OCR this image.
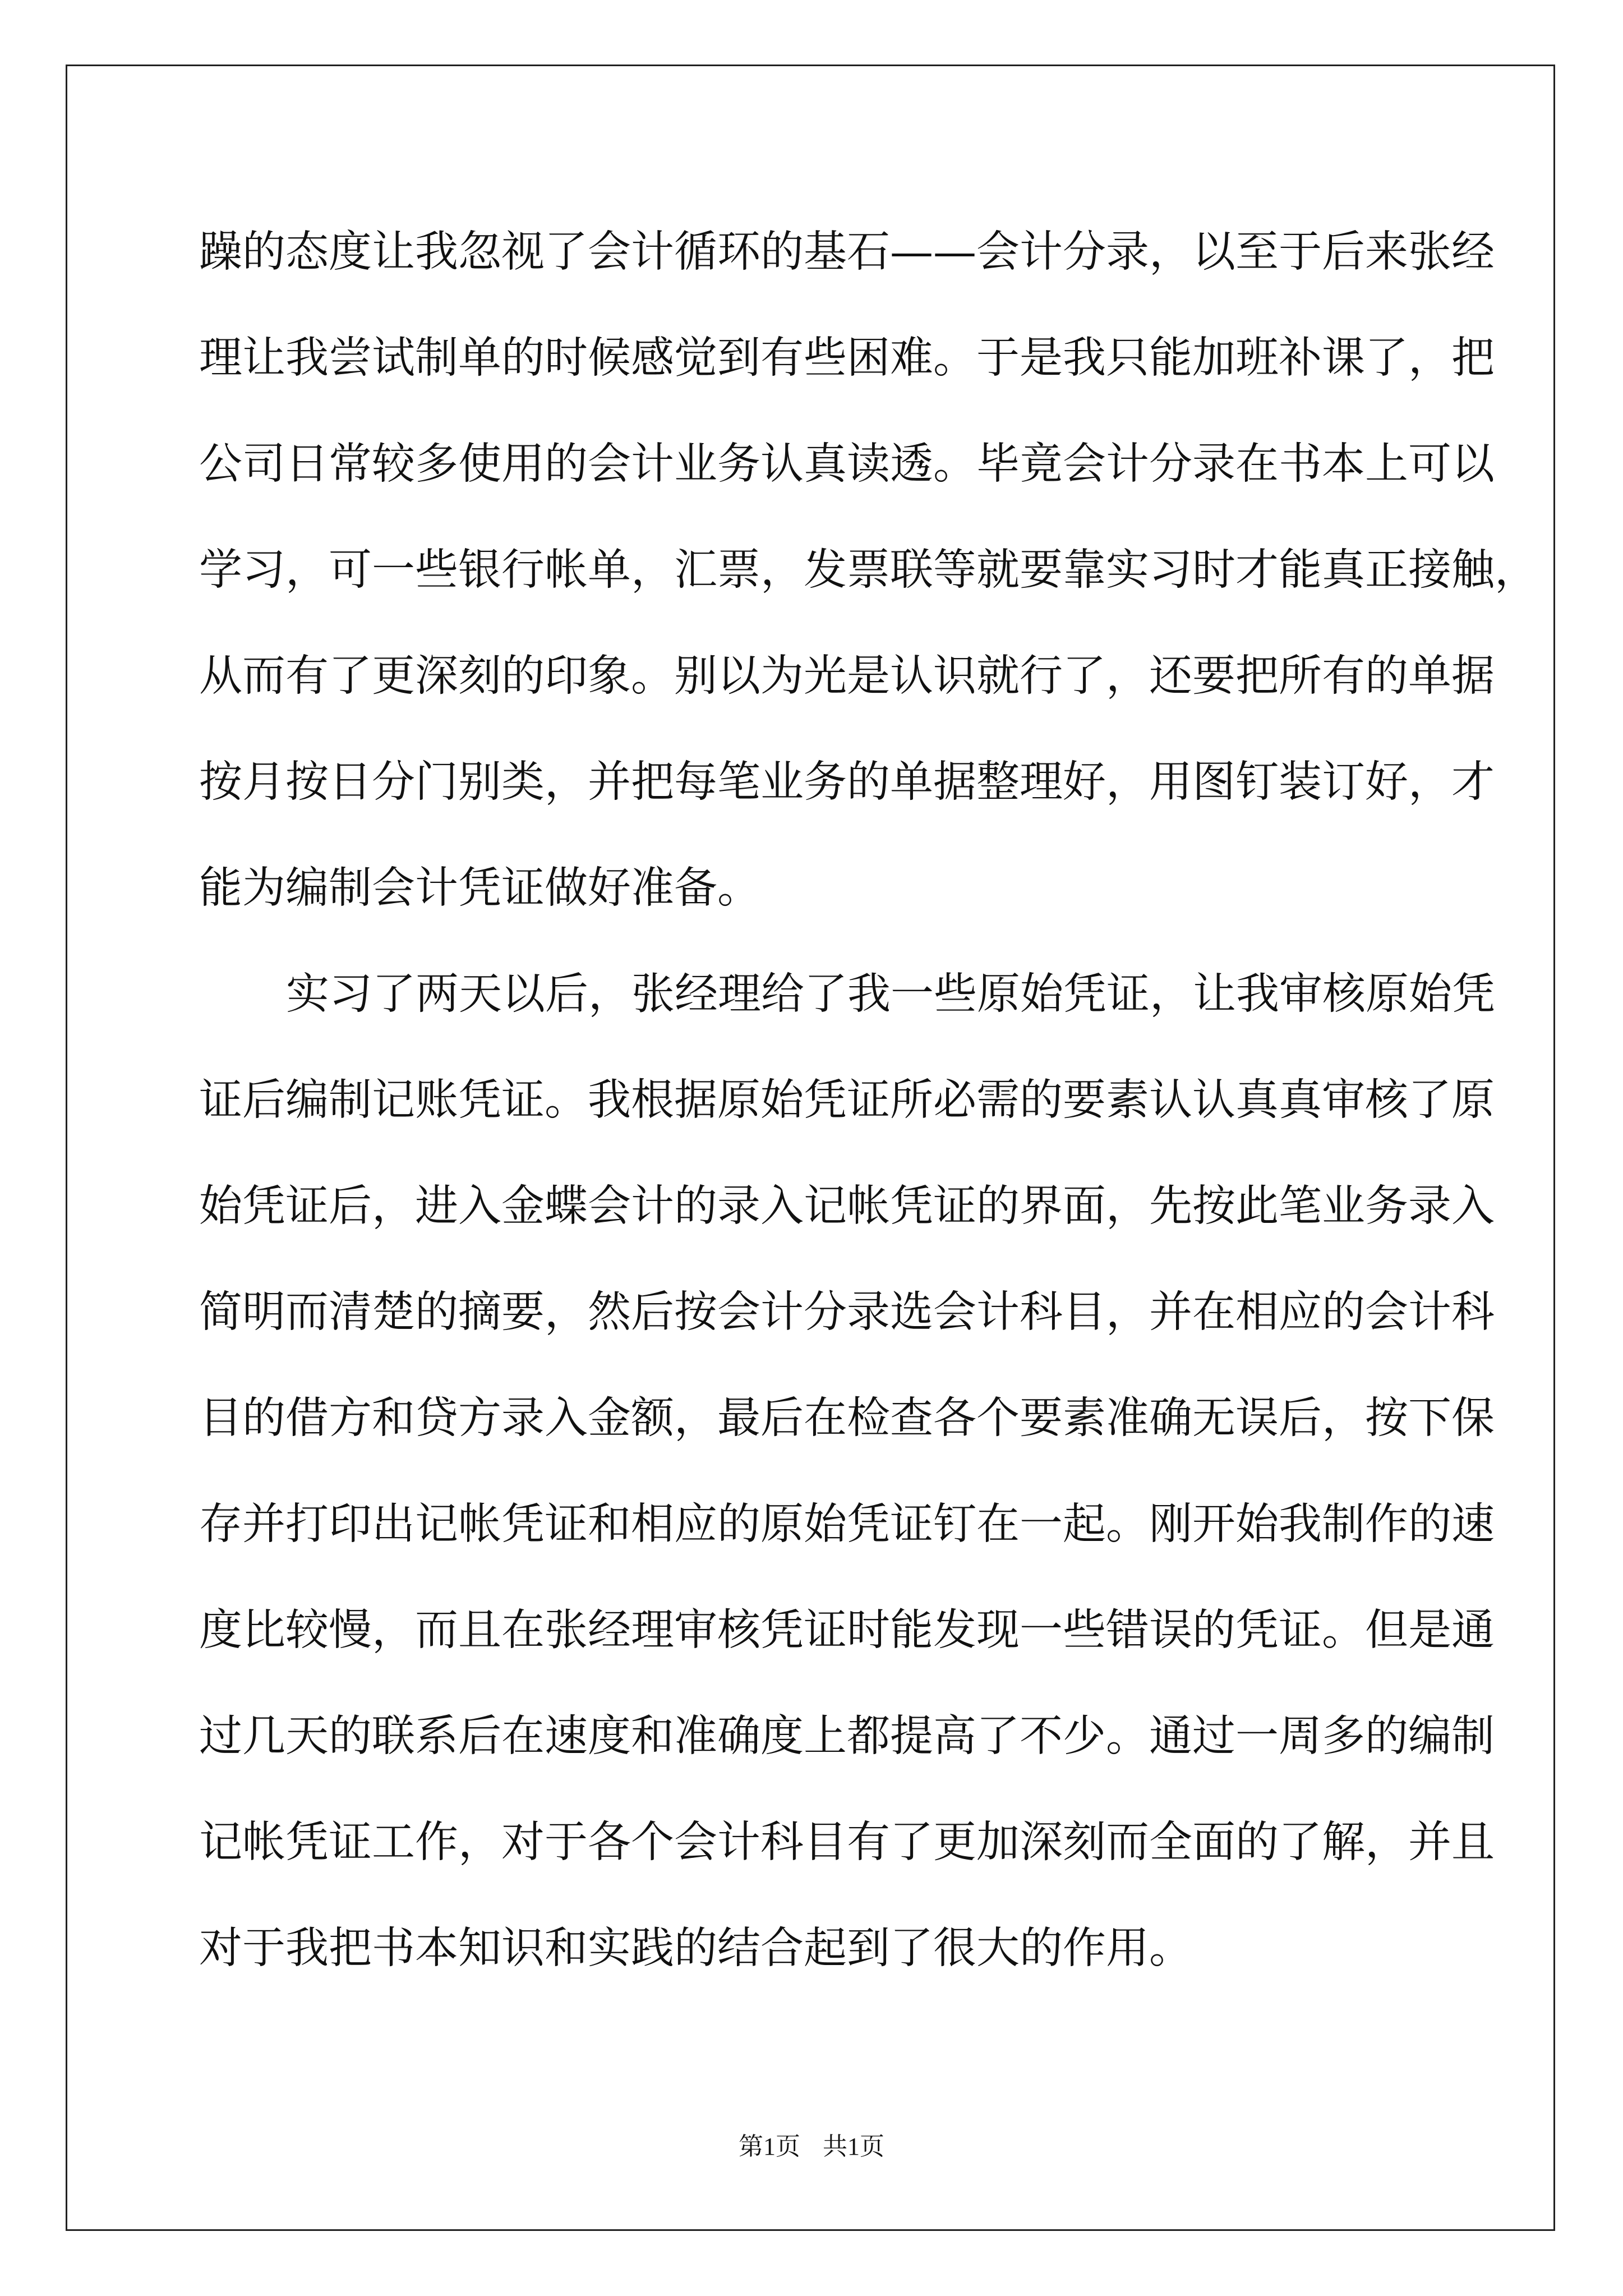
躁的态度让我忽视了会计循环的基石——会计分录，以至于后来张经
理让我尝试制单的时候感觉到有些困难。于是我只能加班补课了，把
公司日常较多使用的会计业务认真读透。毕竟会计分录在书本上可以
学习，可一些银行帐单，汇票，发票联等就要靠实习时才能真正接触，
从而有了更深刻的印象。别以为光是认识就行了，还要把所有的单据
按月按日分门别类，并把每笔业务的单据整理好，用图钉装订好，才
能为编制会计凭证做好准备。
实习了两天以后，张经理给了我一些原始凭证，让我审核原始凭
证后编制记账凭证。我根据原始凭证所必需的要素认认真真审核了原
始凭证后，进入金蝶会计的录入记帐凭证的界面，先按此笔业务录入
简明而清楚的摘要，然后按会计分录选会计科目，并在相应的会计科
目的借方和贷方录入金额，最后在检查各个要素准确无误后，按下保
存并打印出记帐凭证和相应的原始凭证钉在一起。刚开始我制作的速
度比较慢，而且在张经理审核凭证时能发现一些错误的凭证。但是通
过几天的联系后在速度和准确度上都提高了不少。通过一周多的编制
记帐凭证工作，对于各个会计科目有了更加深刻而全面的了解，并且
对于我把书本知识和实践的结合起到了很大的作用。
第1页 共1页
